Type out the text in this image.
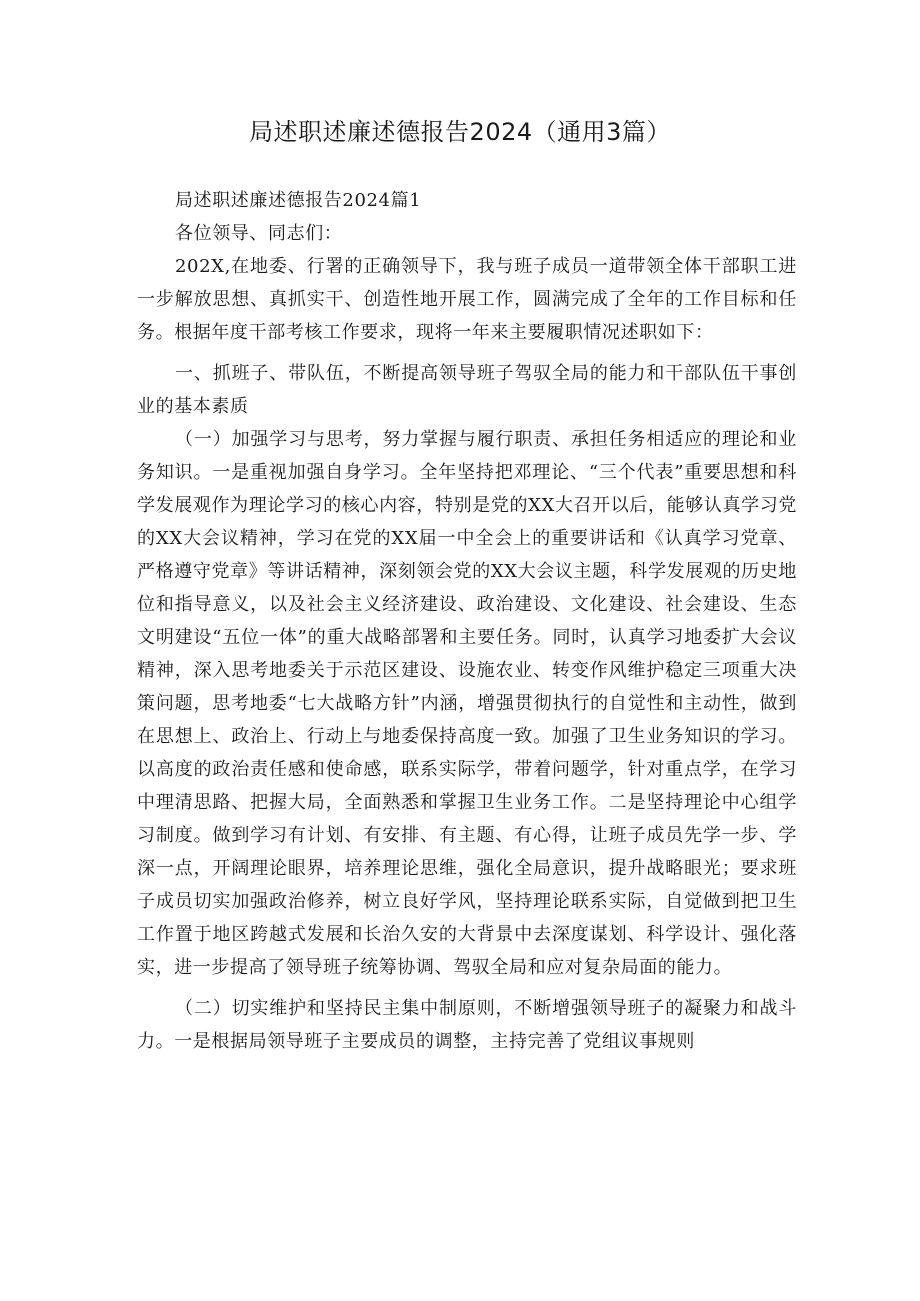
局述职述廉述德报告2024（通用3篇）

局述职述廉述德报告2024篇1

各位领导、同志们：

202X,在地委、行署的正确领导下，我与班子成员一道带领全体干部职工进一步解放思想、真抓实干、创造性地开展工作，圆满完成了全年的工作目标和任务。根据年度干部考核工作要求，现将一年来主要履职情况述职如下：

一、抓班子、带队伍，不断提高领导班子驾驭全局的能力和干部队伍干事创业的基本素质

（一）加强学习与思考，努力掌握与履行职责、承担任务相适应的理论和业务知识。一是重视加强自身学习。全年坚持把邓理论、“三个代表”重要思想和科学发展观作为理论学习的核心内容，特别是党的XX大召开以后，能够认真学习党的XX大会议精神，学习在党的XX届一中全会上的重要讲话和《认真学习党章、严格遵守党章》等讲话精神，深刻领会党的XX大会议主题，科学发展观的历史地位和指导意义，以及社会主义经济建设、政治建设、文化建设、社会建设、生态文明建设“五位一体”的重大战略部署和主要任务。同时，认真学习地委扩大会议精神，深入思考地委关于示范区建设、设施农业、转变作风维护稳定三项重大决策问题，思考地委“七大战略方针”内涵，增强贯彻执行的自觉性和主动性，做到在思想上、政治上、行动上与地委保持高度一致。加强了卫生业务知识的学习。以高度的政治责任感和使命感，联系实际学，带着问题学，针对重点学，在学习中理清思路、把握大局，全面熟悉和掌握卫生业务工作。二是坚持理论中心组学习制度。做到学习有计划、有安排、有主题、有心得，让班子成员先学一步、学深一点，开阔理论眼界，培养理论思维，强化全局意识，提升战略眼光；要求班子成员切实加强政治修养，树立良好学风，坚持理论联系实际，自觉做到把卫生工作置于地区跨越式发展和长治久安的大背景中去深度谋划、科学设计、强化落实，进一步提高了领导班子统筹协调、驾驭全局和应对复杂局面的能力。

（二）切实维护和坚持民主集中制原则，不断增强领导班子的凝聚力和战斗力。一是根据局领导班子主要成员的调整，主持完善了党组议事规则
